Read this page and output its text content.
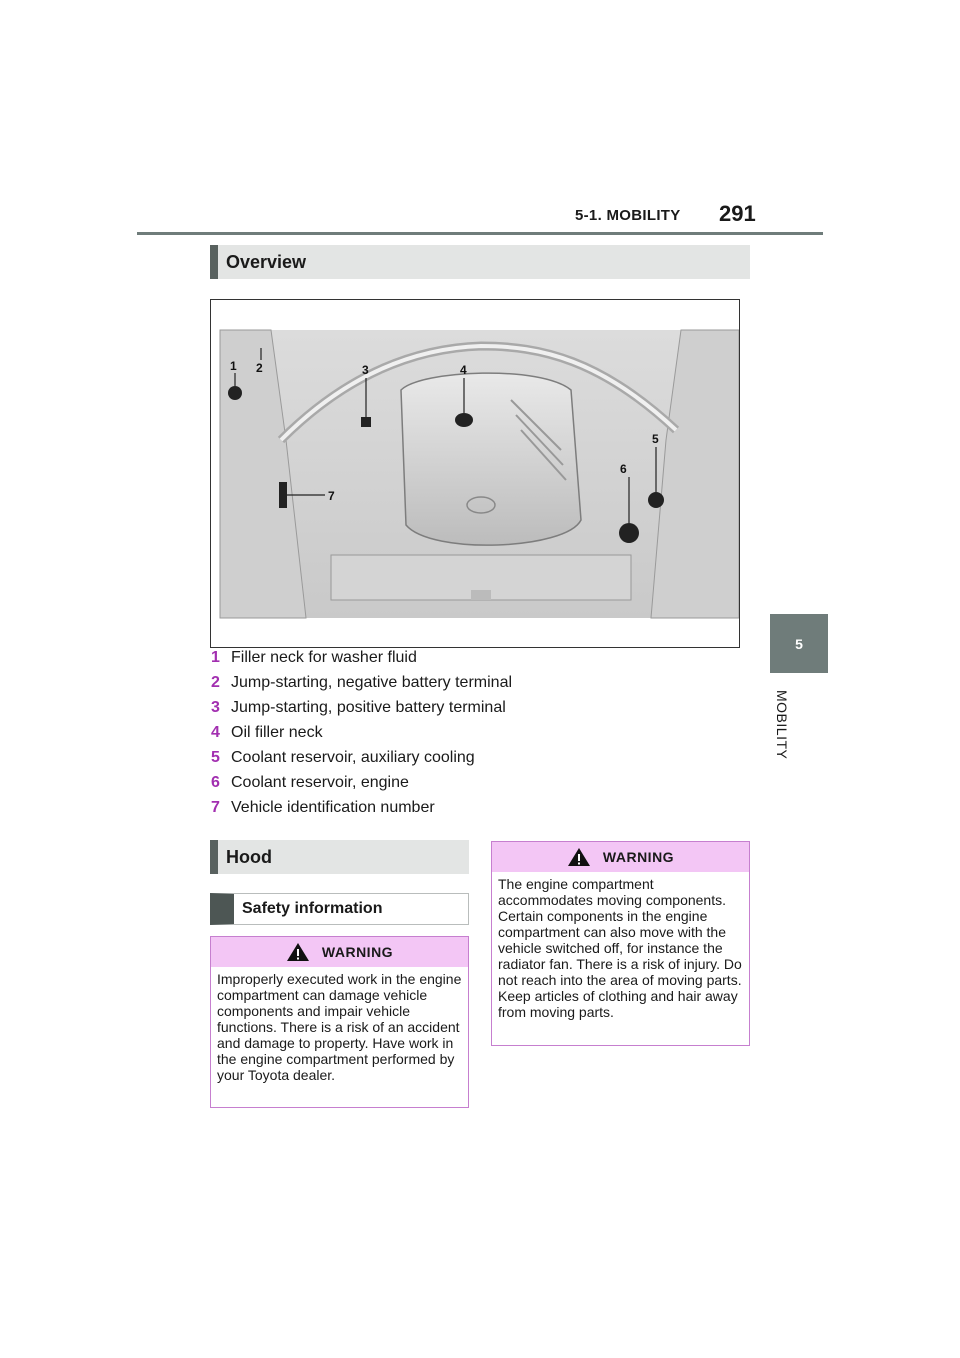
5-1. MOBILITY 291
5
MOBILITY
Overview
1 2	3	4
5
6
7
1 Filler neck for washer fluid
2 Jump-starting, negative battery terminal
3 Jump-starting, positive battery terminal
4 Oil filler neck
5 Coolant reservoir, auxiliary cooling
6 Coolant reservoir, engine
7 Vehicle identification number
Hood
Safety information
WARNING
Improperly executed work in the engine compartment can damage vehicle components and impair vehicle functions. There is a risk of an accident and damage to property. Have work in the engine compartment performed by your Toyota dealer.
WARNING
The engine compartment accommodates moving components. Certain components in the engine compartment can also move with the vehicle switched off, for instance the radiator fan. There is a risk of injury. Do not reach into the area of moving parts. Keep articles of clothing and hair away from moving parts.
